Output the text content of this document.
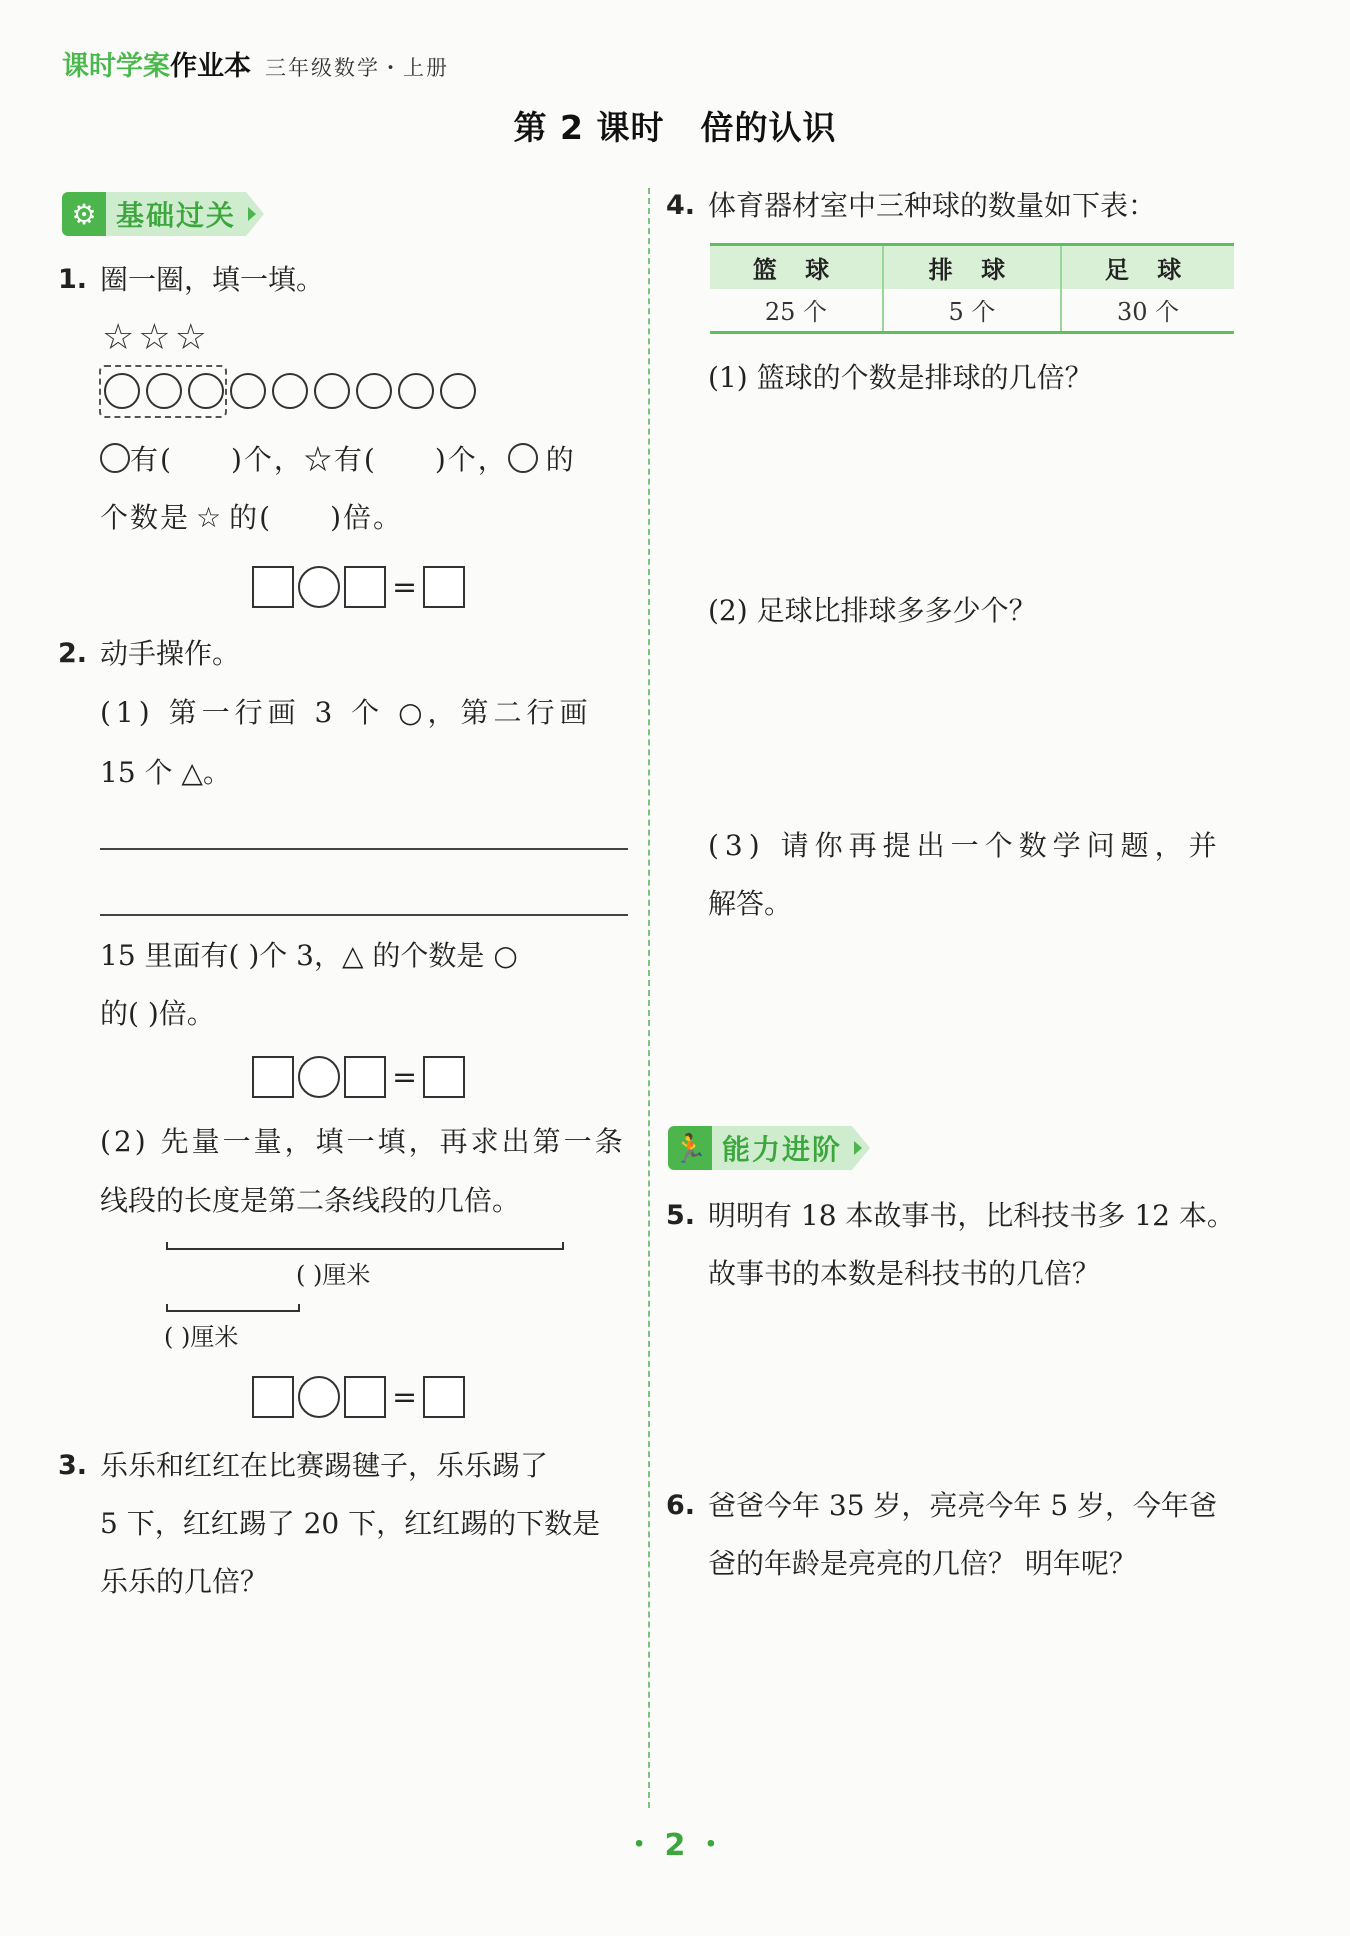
课时学案作业本 三年级数学・上册
第 2 课时 倍的认识
⚙ 基础过关
1. 圈一圈，填一填。
☆ ☆ ☆
有( )个，☆有( )个， 的
个数是 ☆ 的( )倍。
=
2. 动手操作。
(1) 第一行画 3 个 ○，第二行画
15 个 △。
15 里面有( )个 3，△ 的个数是 ○
的( )倍。
=
(2) 先量一量，填一填，再求出第一条
线段的长度是第二条线段的几倍。
( )厘米
( )厘米
=
3. 乐乐和红红在比赛踢毽子，乐乐踢了
5 下，红红踢了 20 下，红红踢的下数是
乐乐的几倍？
4. 体育器材室中三种球的数量如下表：
篮 球	排 球	足 球
25 个	5 个	30 个
(1) 篮球的个数是排球的几倍？
(2) 足球比排球多多少个？
(3) 请你再提出一个数学问题，并
解答。
🏃 能力进阶
5. 明明有 18 本故事书，比科技书多 12 本。
故事书的本数是科技书的几倍？
6. 爸爸今年 35 岁，亮亮今年 5 岁，今年爸
爸的年龄是亮亮的几倍？ 明年呢？
・ 2 ・
